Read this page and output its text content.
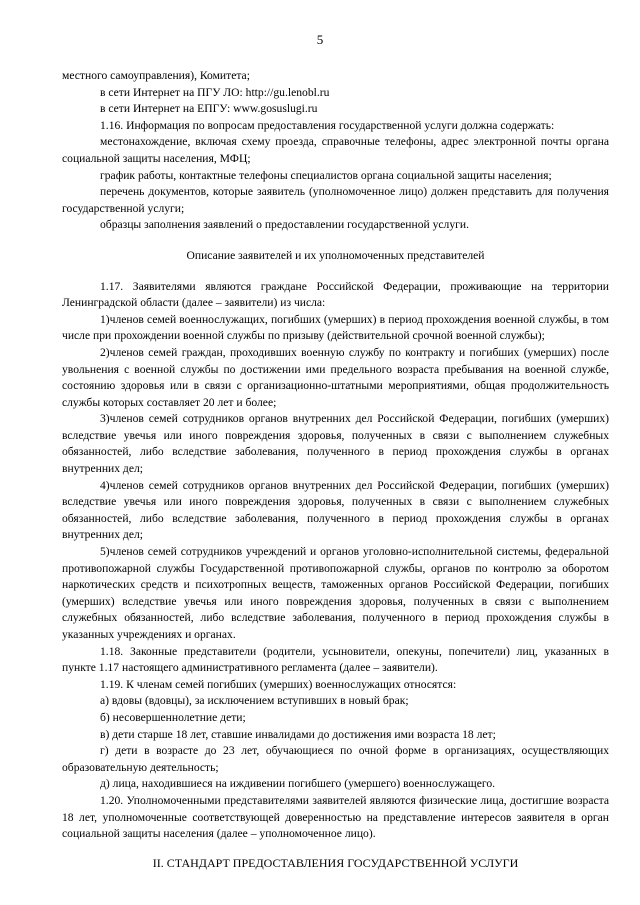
5

местного самоуправления), Комитета;

в сети Интернет на ПГУ ЛО: http://gu.lenobl.ru

в сети Интернет на ЕПГУ: www.gosuslugi.ru

1.16. Информация по вопросам предоставления государственной услуги должна содержать:

местонахождение, включая схему проезда, справочные телефоны, адрес электронной почты органа социальной защиты населения, МФЦ;

график работы, контактные телефоны специалистов органа социальной защиты населения;

перечень документов, которые заявитель (уполномоченное лицо) должен представить для получения государственной услуги;

образцы заполнения заявлений о предоставлении государственной услуги.

Описание заявителей и их уполномоченных представителей

1.17. Заявителями являются граждане Российской Федерации, проживающие на территории Ленинградской области (далее – заявители) из числа:

1)членов семей военнослужащих, погибших (умерших) в период прохождения военной службы, в том числе при прохождении военной службы по призыву (действительной срочной военной службы);

2)членов семей граждан, проходивших военную службу по контракту и погибших (умерших) после увольнения с военной службы по достижении ими предельного возраста пребывания на военной службе, состоянию здоровья или в связи с организационно-штатными мероприятиями, общая продолжительность службы которых составляет 20 лет и более;

3)членов семей сотрудников органов внутренних дел Российской Федерации, погибших (умерших) вследствие увечья или иного повреждения здоровья, полученных в связи с выполнением служебных обязанностей, либо вследствие заболевания, полученного в период прохождения службы в органах внутренних дел;

4)членов семей сотрудников органов внутренних дел Российской Федерации, погибших (умерших) вследствие увечья или иного повреждения здоровья, полученных в связи с выполнением служебных обязанностей, либо вследствие заболевания, полученного в период прохождения службы в органах внутренних дел;

5)членов семей сотрудников учреждений и органов уголовно-исполнительной системы, федеральной противопожарной службы Государственной противопожарной службы, органов по контролю за оборотом наркотических средств и психотропных веществ, таможенных органов Российской Федерации, погибших (умерших) вследствие увечья или иного повреждения здоровья, полученных в связи с выполнением служебных обязанностей, либо вследствие заболевания, полученного в период прохождения службы в указанных учреждениях и органах.

1.18. Законные представители (родители, усыновители, опекуны, попечители) лиц, указанных в пункте 1.17 настоящего административного регламента (далее – заявители).

1.19. К членам семей погибших (умерших) военнослужащих относятся:

а) вдовы (вдовцы), за исключением вступивших в новый брак;

б) несовершеннолетние дети;

в) дети старше 18 лет, ставшие инвалидами до достижения ими возраста 18 лет;

г) дети в возрасте до 23 лет, обучающиеся по очной форме в организациях, осуществляющих образовательную деятельность;

д) лица, находившиеся на иждивении погибшего (умершего) военнослужащего.

1.20. Уполномоченными представителями заявителей являются физические лица, достигшие возраста 18 лет, уполномоченные соответствующей доверенностью на представление интересов заявителя в орган социальной защиты населения (далее – уполномоченное лицо).

II. СТАНДАРТ ПРЕДОСТАВЛЕНИЯ ГОСУДАРСТВЕННОЙ УСЛУГИ
